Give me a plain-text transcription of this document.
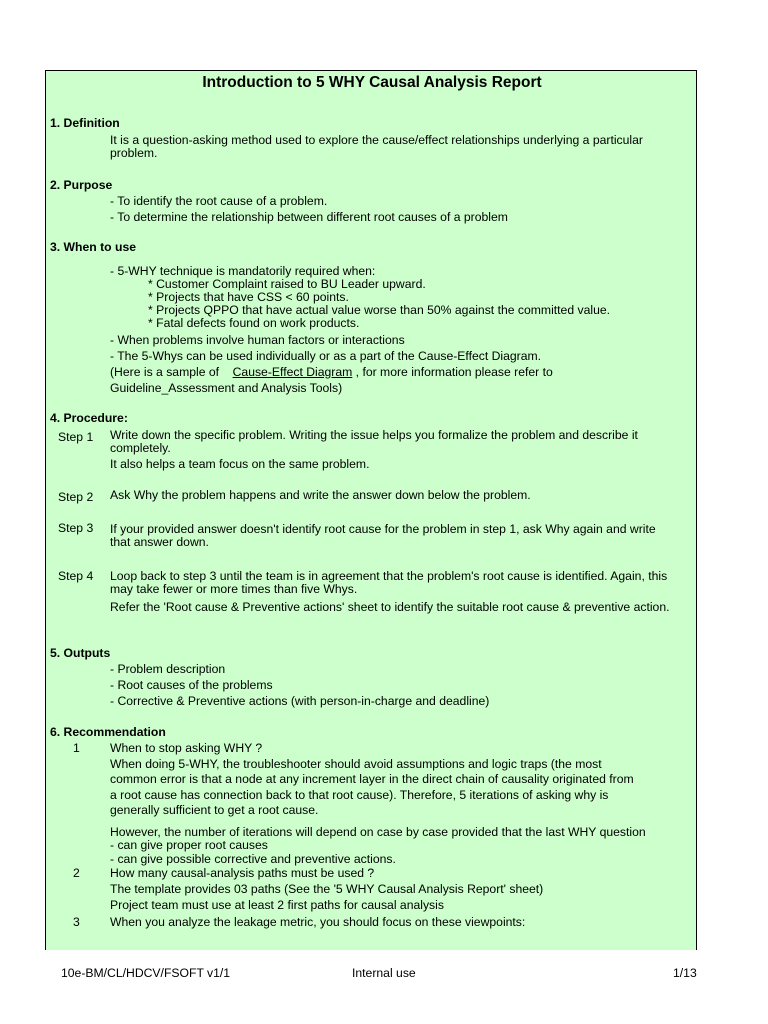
Introduction to 5 WHY Causal Analysis Report
1. Definition
It is a question-asking method used to explore the cause/effect relationships underlying a particular
problem.
2. Purpose
- To identify the root cause of a problem.
- To determine the relationship between different root causes of a problem
3. When to use
- 5-WHY technique is mandatorily required when:
* Customer Complaint raised to BU Leader upward.
* Projects that have CSS < 60 points.
* Projects QPPO that have actual value worse than 50% against the committed value.
* Fatal defects found on work products.
- When problems involve human factors or interactions
- The 5-Whys can be used individually or as a part of the Cause-Effect Diagram.
(Here is a sample of Cause-Effect Diagram , for more information please refer to
Guideline_Assessment and Analysis Tools)
4. Procedure:
Step 1 Write down the specific problem. Writing the issue helps you formalize the problem and describe it
completely.
It also helps a team focus on the same problem.
Step 2 Ask Why the problem happens and write the answer down below the problem.
Step 3 If your provided answer doesn't identify root cause for the problem in step 1, ask Why again and write
that answer down.
Step 4 Loop back to step 3 until the team is in agreement that the problem's root cause is identified. Again, this
may take fewer or more times than five Whys.
Refer the 'Root cause & Preventive actions' sheet to identify the suitable root cause & preventive action.
5. Outputs
- Problem description
- Root causes of the problems
- Corrective & Preventive actions (with person-in-charge and deadline)
6. Recommendation
1 When to stop asking WHY ?
When doing 5-WHY, the troubleshooter should avoid assumptions and logic traps (the most
common error is that a node at any increment layer in the direct chain of causality originated from
a root cause has connection back to that root cause). Therefore, 5 iterations of asking why is
generally sufficient to get a root cause.
However, the number of iterations will depend on case by case provided that the last WHY question
- can give proper root causes
- can give possible corrective and preventive actions.
2 How many causal-analysis paths must be used ?
The template provides 03 paths (See the '5 WHY Causal Analysis Report' sheet)
Project team must use at least 2 first paths for causal analysis
3 When you analyze the leakage metric, you should focus on these viewpoints:
10e-BM/CL/HDCV/FSOFT v1/1	Internal use	1/13
